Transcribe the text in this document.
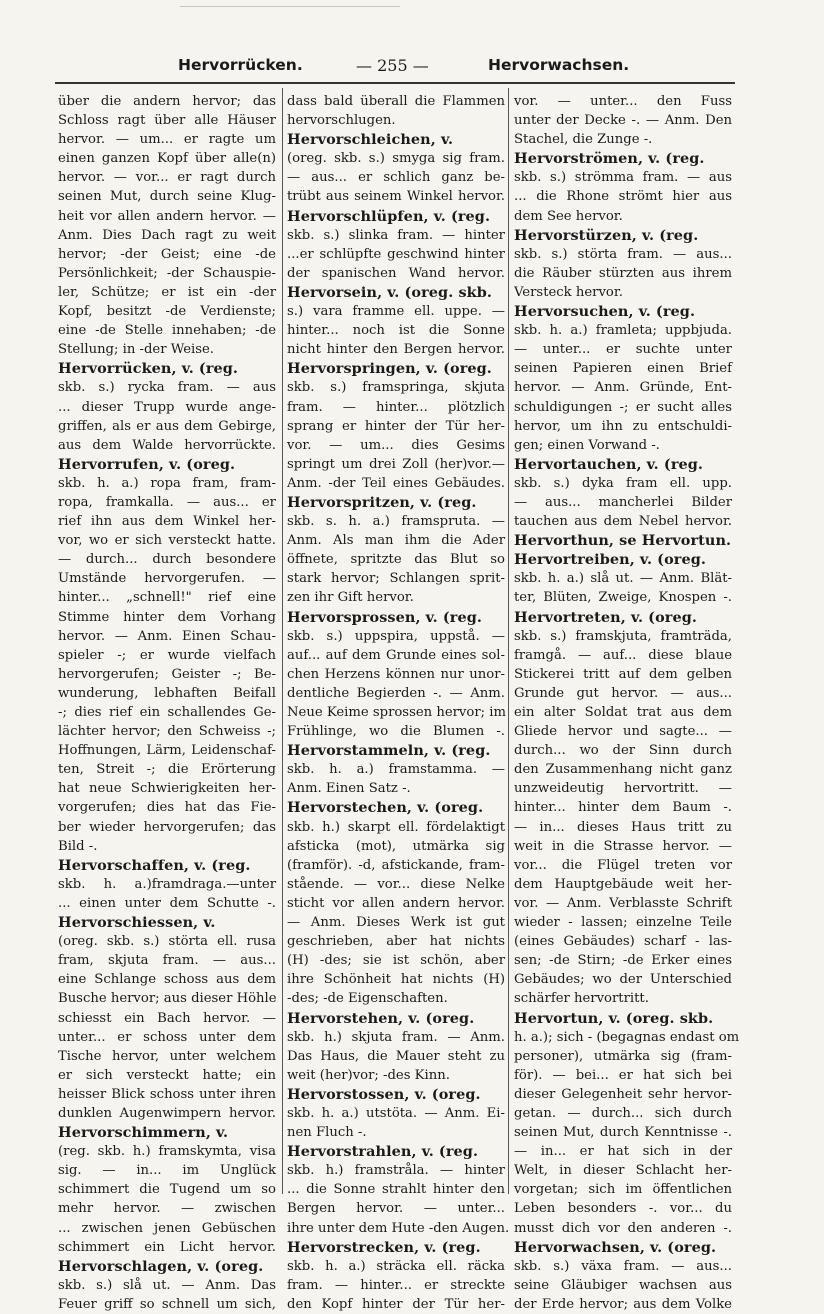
Hervorrücken.	— 255 —	Hervorwachsen.
über die andern hervor; das
Schloss ragt über alle Häuser
hervor. — um... er ragte um
einen ganzen Kopf über alle(n)
hervor. — vor... er ragt durch
seinen Mut, durch seine Klug-
heit vor allen andern hervor. —
Anm. Dies Dach ragt zu weit
hervor; -der Geist; eine -de
Persönlichkeit; -der Schauspie-
ler, Schütze; er ist ein -der
Kopf, besitzt -de Verdienste;
eine -de Stelle innehaben; -de
Stellung; in -der Weise.
Hervorrücken, v. (reg.
skb. s.) rycka fram. — aus
... dieser Trupp wurde ange-
griffen, als er aus dem Gebirge,
aus dem Walde hervorrückte.
Hervorrufen, v. (oreg.
skb. h. a.) ropa fram, fram-
ropa, framkalla. — aus... er
rief ihn aus dem Winkel her-
vor, wo er sich versteckt hatte.
— durch... durch besondere
Umstände hervorgerufen. —
hinter... „schnell!" rief eine
Stimme hinter dem Vorhang
hervor. — Anm. Einen Schau-
spieler -; er wurde vielfach
hervorgerufen; Geister -; Be-
wunderung, lebhaften Beifall
-; dies rief ein schallendes Ge-
lächter hervor; den Schweiss -;
Hoffnungen, Lärm, Leidenschaf-
ten, Streit -; die Erörterung
hat neue Schwierigkeiten her-
vorgerufen; dies hat das Fie-
ber wieder hervorgerufen; das
Bild -.
Hervorschaffen, v. (reg.
skb. h. a.)framdraga.—unter
... einen unter dem Schutte -.
Hervorschiessen, v.
(oreg. skb. s.) störta ell. rusa
fram, skjuta fram. — aus...
eine Schlange schoss aus dem
Busche hervor; aus dieser Höhle
schiesst ein Bach hervor. —
unter... er schoss unter dem
Tische hervor, unter welchem
er sich versteckt hatte; ein
heisser Blick schoss unter ihren
dunklen Augenwimpern hervor.
Hervorschimmern, v.
(reg. skb. h.) framskymta, visa
sig. — in... im Unglück
schimmert die Tugend um so
mehr hervor. — zwischen
... zwischen jenen Gebüschen
schimmert ein Licht hervor.
Hervorschlagen, v. (oreg.
skb. s.) slå ut. — Anm. Das
Feuer griff so schnell um sich,
dass bald überall die Flammen
hervorschlugen.
Hervorschleichen, v.
(oreg. skb. s.) smyga sig fram.
— aus... er schlich ganz be-
trübt aus seinem Winkel hervor.
Hervorschlüpfen, v. (reg.
skb. s.) slinka fram. — hinter
...er schlüpfte geschwind hinter
der spanischen Wand hervor.
Hervorsein, v. (oreg. skb.
s.) vara framme ell. uppe. —
hinter... noch ist die Sonne
nicht hinter den Bergen hervor.
Hervorspringen, v. (oreg.
skb. s.) framspringa, skjuta
fram. — hinter... plötzlich
sprang er hinter der Tür her-
vor. — um... dies Gesims
springt um drei Zoll (her)vor.—
Anm. -der Teil eines Gebäudes.
Hervorspritzen, v. (reg.
skb. s. h. a.) framspruta. —
Anm. Als man ihm die Ader
öffnete, spritzte das Blut so
stark hervor; Schlangen sprit-
zen ihr Gift hervor.
Hervorsprossen, v. (reg.
skb. s.) uppspira, uppstå. —
auf... auf dem Grunde eines sol-
chen Herzens können nur unor-
dentliche Begierden -. — Anm.
Neue Keime sprossen hervor; im
Frühlinge, wo die Blumen -.
Hervorstammeln, v. (reg.
skb. h. a.) framstamma. —
Anm. Einen Satz -.
Hervorstechen, v. (oreg.
skb. h.) skarpt ell. fördelaktigt
afsticka (mot), utmärka sig
(framför). -d, afstickande, fram-
stående. — vor... diese Nelke
sticht vor allen andern hervor.
— Anm. Dieses Werk ist gut
geschrieben, aber hat nichts
(H) -des; sie ist schön, aber
ihre Schönheit hat nichts (H)
-des; -de Eigenschaften.
Hervorstehen, v. (oreg.
skb. h.) skjuta fram. — Anm.
Das Haus, die Mauer steht zu
weit (her)vor; -des Kinn.
Hervorstossen, v. (oreg.
skb. h. a.) utstöta. — Anm. Ei-
nen Fluch -.
Hervorstrahlen, v. (reg.
skb. h.) framstråla. — hinter
... die Sonne strahlt hinter den
Bergen hervor. — unter...
ihre unter dem Hute -den Augen.
Hervorstrecken, v. (reg.
skb. h. a.) sträcka ell. räcka
fram. — hinter... er streckte
den Kopf hinter der Tür her-
vor. — unter... den Fuss
unter der Decke -. — Anm. Den
Stachel, die Zunge -.
Hervorströmen, v. (reg.
skb. s.) strömma fram. — aus
... die Rhone strömt hier aus
dem See hervor.
Hervorstürzen, v. (reg.
skb. s.) störta fram. — aus...
die Räuber stürzten aus ihrem
Versteck hervor.
Hervorsuchen, v. (reg.
skb. h. a.) framleta; uppbjuda.
— unter... er suchte unter
seinen Papieren einen Brief
hervor. — Anm. Gründe, Ent-
schuldigungen -; er sucht alles
hervor, um ihn zu entschuldi-
gen; einen Vorwand -.
Hervortauchen, v. (reg.
skb. s.) dyka fram ell. upp.
— aus... mancherlei Bilder
tauchen aus dem Nebel hervor.
Hervorthun, se Hervortun.
Hervortreiben, v. (oreg.
skb. h. a.) slå ut. — Anm. Blät-
ter, Blüten, Zweige, Knospen -.
Hervortreten, v. (oreg.
skb. s.) framskjuta, framträda,
framgå. — auf... diese blaue
Stickerei tritt auf dem gelben
Grunde gut hervor. — aus...
ein alter Soldat trat aus dem
Gliede hervor und sagte... —
durch... wo der Sinn durch
den Zusammenhang nicht ganz
unzweideutig hervortritt. —
hinter... hinter dem Baum -.
— in... dieses Haus tritt zu
weit in die Strasse hervor. —
vor... die Flügel treten vor
dem Hauptgebäude weit her-
vor. — Anm. Verblasste Schrift
wieder - lassen; einzelne Teile
(eines Gebäudes) scharf - las-
sen; -de Stirn; -de Erker eines
Gebäudes; wo der Unterschied
schärfer hervortritt.
Hervortun, v. (oreg. skb.
h. a.); sich - (begagnas endast om
personer), utmärka sig (fram-
för). — bei... er hat sich bei
dieser Gelegenheit sehr hervor-
getan. — durch... sich durch
seinen Mut, durch Kenntnisse -.
— in... er hat sich in der
Welt, in dieser Schlacht her-
vorgetan; sich im öffentlichen
Leben besonders -. vor... du
musst dich vor den anderen -.
Hervorwachsen, v. (oreg.
skb. s.) växa fram. — aus...
seine Gläubiger wachsen aus
der Erde hervor; aus dem Volke
